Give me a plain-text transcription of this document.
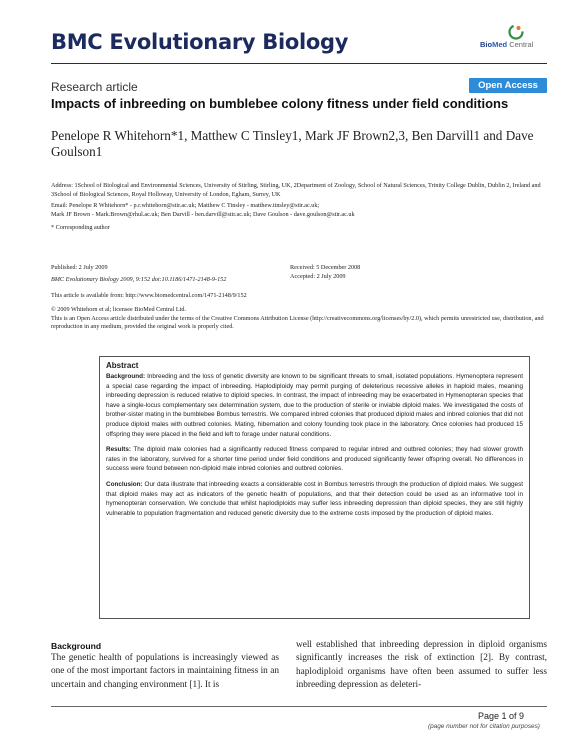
BMC Evolutionary Biology	BioMed Central
Research article	Open Access
Impacts of inbreeding on bumblebee colony fitness under field conditions
Penelope R Whitehorn*1, Matthew C Tinsley1, Mark JF Brown2,3, Ben Darvill1 and Dave Goulson1
Address: 1School of Biological and Environmental Sciences, University of Stirling, Stirling, UK, 2Department of Zoology, School of Natural Sciences, Trinity College Dublin, Dublin 2, Ireland and 3School of Biological Sciences, Royal Holloway, University of London, Egham, Surrey, UK
Email: Penelope R Whitehorn* - p.r.whitehorn@stir.ac.uk; Matthew C Tinsley - matthew.tinsley@stir.ac.uk;
Mark JF Brown - Mark.Brown@rhul.ac.uk; Ben Darvill - ben.darvill@stir.ac.uk; Dave Goulson - dave.goulson@stir.ac.uk
* Corresponding author
Published: 2 July 2009
BMC Evolutionary Biology 2009, 9:152 doi:10.1186/1471-2148-9-152
Received: 5 December 2008
Accepted: 2 July 2009
This article is available from: http://www.biomedcentral.com/1471-2148/9/152
© 2009 Whitehorn et al; licensee BioMed Central Ltd.
This is an Open Access article distributed under the terms of the Creative Commons Attribution License (http://creativecommons.org/licenses/by/2.0), which permits unrestricted use, distribution, and reproduction in any medium, provided the original work is properly cited.
Abstract

Background: Inbreeding and the loss of genetic diversity are known to be significant threats to small, isolated populations. Hymenoptera represent a special case regarding the impact of inbreeding. Haplodiploidy may permit purging of deleterious recessive alleles in haploid males, meaning inbreeding depression is reduced relative to diploid species. In contrast, the impact of inbreeding may be exacerbated in Hymenopteran species that have a single-locus complementary sex determination system, due to the production of sterile or inviable diploid males. We investigated the costs of brother-sister mating in the bumblebee Bombus terrestris. We compared inbred colonies that produced diploid males and inbred colonies that did not produce diploid males with outbred colonies. Mating, hibernation and colony founding took place in the laboratory. Once colonies had produced 15 offspring they were placed in the field and left to forage under natural conditions.

Results: The diploid male colonies had a significantly reduced fitness compared to regular inbred and outbred colonies; they had slower growth rates in the laboratory, survived for a shorter time period under field conditions and produced significantly fewer offspring overall. No differences in success were found between non-diploid male inbred colonies and outbred colonies.

Conclusion: Our data illustrate that inbreeding exacts a considerable cost in Bombus terrestris through the production of diploid males. We suggest that diploid males may act as indicators of the genetic health of populations, and that their detection could be used as an informative tool in hymenopteran conservation. We conclude that whilst haplodiploids may suffer less inbreeding depression than diploid species, they are still highly vulnerable to population fragmentation and reduced genetic diversity due to the extreme costs imposed by the production of diploid males.

Background
The genetic health of populations is increasingly viewed as one of the most important factors in maintaining fitness in an uncertain and changing environment [1]. It is
well established that inbreeding depression in diploid organisms significantly increases the risk of extinction [2]. By contrast, haplodiploid organisms have often been assumed to suffer less inbreeding depression as deleteri-
Page 1 of 9
(page number not for citation purposes)
